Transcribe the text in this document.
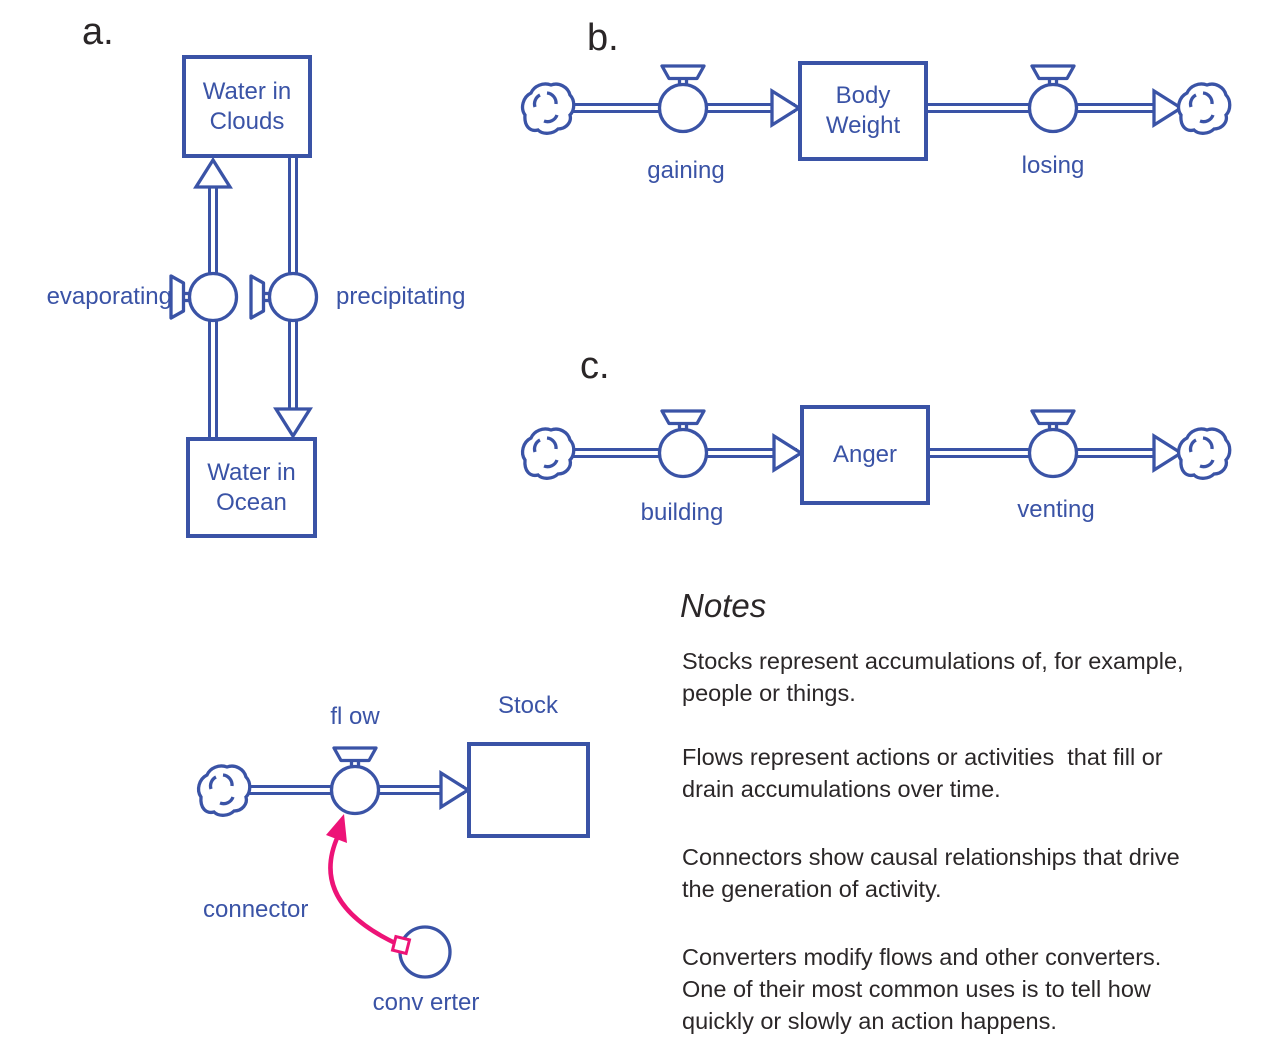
a.	b.
c.
Water in
Clouds
Water in
Ocean
Body
Weight
Anger
evaporating	precipitating
gaining	losing
building	venting
fl ow	Stock
connector
conv erter
Notes
Stocks represent accumulations of, for example,
people or things.
Flows represent actions or activities  that fill or
drain accumulations over time.
Connectors show causal relationships that drive
the generation of activity.
Converters modify flows and other converters.
One of their most common uses is to tell how
quickly or slowly an action happens.
